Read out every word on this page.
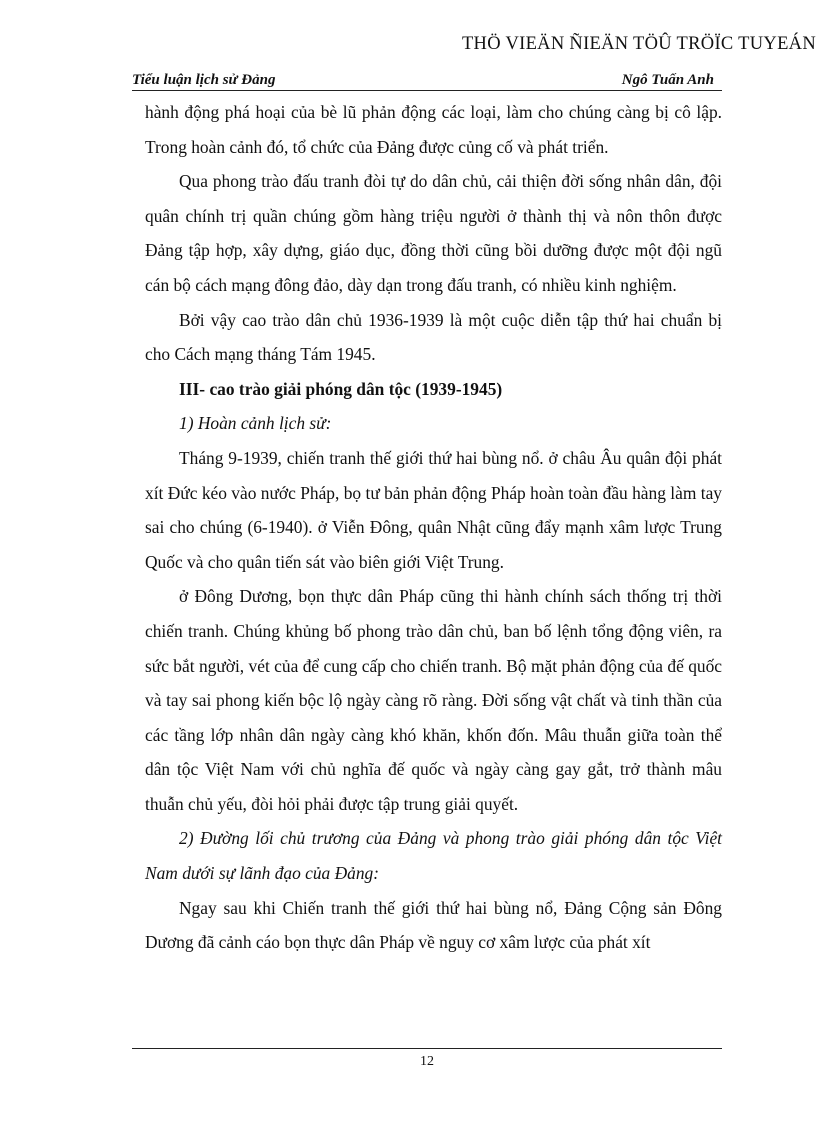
THÖ VIEÄN ÑIEÄN TÖÛ TRÖÏC TUYEÁN
Tiểu luận lịch sử Đảng	Ngô Tuấn Anh

hành động phá hoại của bè lũ phản động các loại, làm cho chúng càng bị cô lập. Trong hoàn cảnh đó, tổ chức của Đảng được củng cố và phát triển.

Qua phong trào đấu tranh đòi tự do dân chủ, cải thiện đời sống nhân dân, đội quân chính trị quần chúng gồm hàng triệu người ở thành thị và nôn thôn được Đảng tập hợp, xây dựng, giáo dục, đồng thời cũng bồi dưỡng được một đội ngũ cán bộ cách mạng đông đảo, dày dạn trong đấu tranh, có nhiều kinh nghiệm.

Bởi vậy cao trào dân chủ 1936-1939 là một cuộc diễn tập thứ hai chuẩn bị cho Cách mạng tháng Tám 1945.

III- cao trào giải phóng dân tộc (1939-1945)

1) Hoàn cảnh lịch sử:

Tháng 9-1939, chiến tranh thế giới thứ hai bùng nổ. ở châu Âu quân đội phát xít Đức kéo vào nước Pháp, bọ tư bản phản động Pháp hoàn toàn đầu hàng làm tay sai cho chúng (6-1940). ở Viễn Đông, quân Nhật cũng đẩy mạnh xâm lược Trung Quốc và cho quân tiến sát vào biên giới Việt Trung.

ở Đông Dương, bọn thực dân Pháp cũng thi hành chính sách thống trị thời chiến tranh. Chúng khủng bố phong trào dân chủ, ban bố lệnh tổng động viên, ra sức bắt người, vét của để cung cấp cho chiến tranh. Bộ mặt phản động của đế quốc và tay sai phong kiến bộc lộ ngày càng rõ ràng. Đời sống vật chất và tinh thần của các tầng lớp nhân dân ngày càng khó khăn, khốn đốn. Mâu thuẫn giữa toàn thể dân tộc Việt Nam với chủ nghĩa đế quốc và ngày càng gay gắt, trở thành mâu thuẫn chủ yếu, đòi hỏi phải được tập trung giải quyết.

2) Đường lối chủ trương của Đảng và phong trào giải phóng dân tộc Việt Nam dưới sự lãnh đạo của Đảng:

Ngay sau khi Chiến tranh thế giới thứ hai bùng nổ, Đảng Cộng sản Đông Dương đã cảnh cáo bọn thực dân Pháp về nguy cơ xâm lược của phát xít

12
